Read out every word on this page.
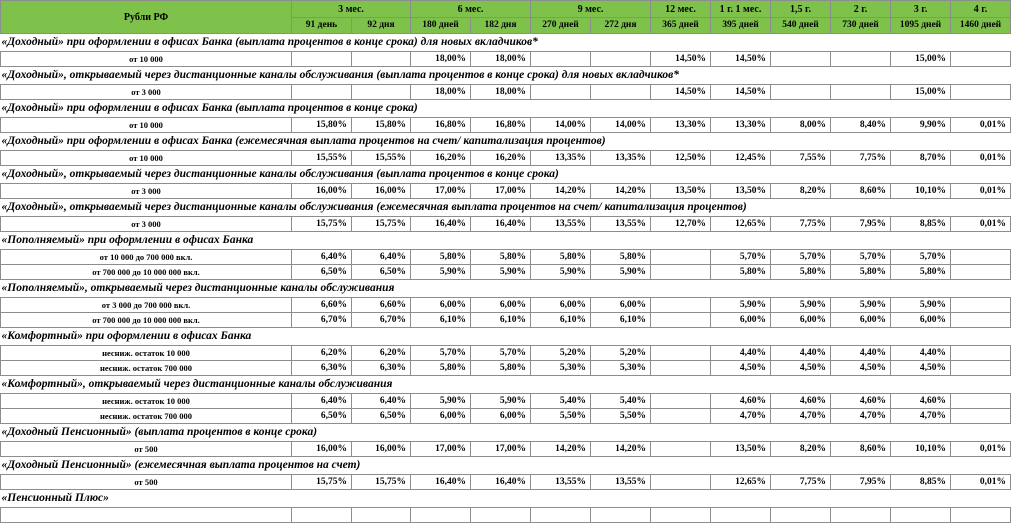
Рубли РФ	3 мес.		6 мес.		9 мес.		12 мес.	1 г. 1 мес.	1,5 г.	2 г.	3 г.	4 г.
	91 день	92 дня	180 дней	182 дня	270 дней	272 дня	365 дней	395 дней	540 дней	730 дней	1095 дней	1460 дней
«Доходный» при оформлении в офисах Банка (выплата процентов в конце срока) для новых вкладчиков*												
от 10 000			18,00%	18,00%			14,50%	14,50%			15,00%	
«Доходный», открываемый через дистанционные каналы обслуживания (выплата процентов в конце срока) для новых вкладчиков*												
от 3 000			18,00%	18,00%			14,50%	14,50%			15,00%	
«Доходный» при оформлении в офисах Банка (выплата процентов в конце срока)												
от 10 000	15,80%	15,80%	16,80%	16,80%	14,00%	14,00%	13,30%	13,30%	8,00%	8,40%	9,90%	0,01%
«Доходный» при оформлении в офисах Банка (ежемесячная выплата процентов на счет/ капитализация процентов)												
от 10 000	15,55%	15,55%	16,20%	16,20%	13,35%	13,35%	12,50%	12,45%	7,55%	7,75%	8,70%	0,01%
«Доходный», открываемый через дистанционные каналы обслуживания (выплата процентов в конце срока)												
от 3 000	16,00%	16,00%	17,00%	17,00%	14,20%	14,20%	13,50%	13,50%	8,20%	8,60%	10,10%	0,01%
«Доходный», открываемый через дистанционные каналы обслуживания (ежемесячная выплата процентов на счет/ капитализация процентов)												
от 3 000	15,75%	15,75%	16,40%	16,40%	13,55%	13,55%	12,70%	12,65%	7,75%	7,95%	8,85%	0,01%
«Пополняемый» при оформлении в офисах Банка												
от 10 000 до 700 000 вкл.	6,40%	6,40%	5,80%	5,80%	5,80%	5,80%		5,70%	5,70%	5,70%	5,70%	
от 700 000 до 10 000 000 вкл.	6,50%	6,50%	5,90%	5,90%	5,90%	5,90%		5,80%	5,80%	5,80%	5,80%	
«Пополняемый», открываемый через дистанционные каналы обслуживания												
от 3 000 до 700 000 вкл.	6,60%	6,60%	6,00%	6,00%	6,00%	6,00%		5,90%	5,90%	5,90%	5,90%	
от 700 000 до 10 000 000 вкл.	6,70%	6,70%	6,10%	6,10%	6,10%	6,10%		6,00%	6,00%	6,00%	6,00%	
«Комфортный» при оформлении в офисах Банка												
несниж. остаток 10 000	6,20%	6,20%	5,70%	5,70%	5,20%	5,20%		4,40%	4,40%	4,40%	4,40%	
несниж. остаток 700 000	6,30%	6,30%	5,80%	5,80%	5,30%	5,30%		4,50%	4,50%	4,50%	4,50%	
«Комфортный», открываемый через дистанционные каналы обслуживания												
несниж. остаток 10 000	6,40%	6,40%	5,90%	5,90%	5,40%	5,40%		4,60%	4,60%	4,60%	4,60%	
несниж. остаток 700 000	6,50%	6,50%	6,00%	6,00%	5,50%	5,50%		4,70%	4,70%	4,70%	4,70%	
«Доходный Пенсионный» (выплата процентов в конце срока)												
от 500	16,00%	16,00%	17,00%	17,00%	14,20%	14,20%		13,50%	8,20%	8,60%	10,10%	0,01%
«Доходный Пенсионный» (ежемесячная выплата процентов на счет)												
от 500	15,75%	15,75%	16,40%	16,40%	13,55%	13,55%		12,65%	7,75%	7,95%	8,85%	0,01%
«Пенсионный Плюс»												
